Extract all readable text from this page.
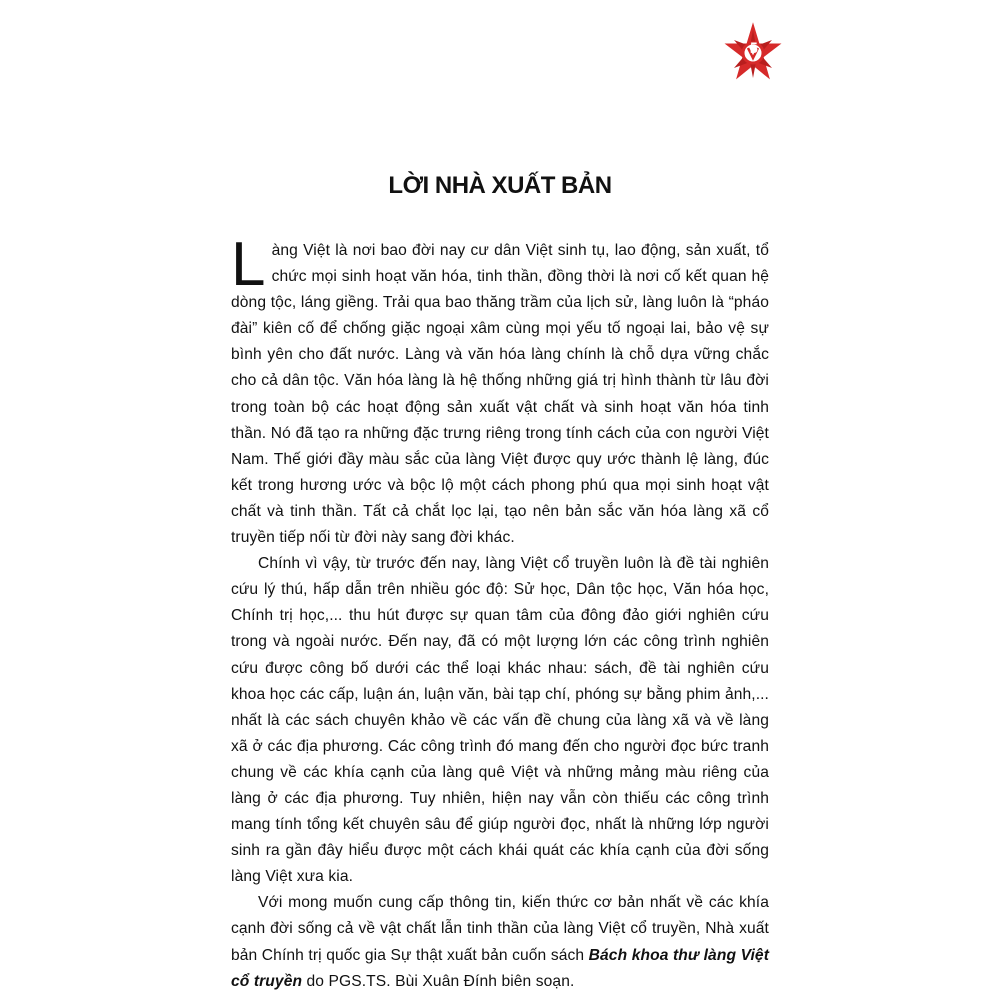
5
LỜI NHÀ XUẤT BẢN

Làng Việt là nơi bao đời nay cư dân Việt sinh tụ, lao động, sản xuất, tổ chức mọi sinh hoạt văn hóa, tinh thần, đồng thời là nơi cố kết quan hệ dòng tộc, láng giềng. Trải qua bao thăng trầm của lịch sử, làng luôn là “pháo đài” kiên cố để chống giặc ngoại xâm cùng mọi yếu tố ngoại lai, bảo vệ sự bình yên cho đất nước. Làng và văn hóa làng chính là chỗ dựa vững chắc cho cả dân tộc. Văn hóa làng là hệ thống những giá trị hình thành từ lâu đời trong toàn bộ các hoạt động sản xuất vật chất và sinh hoạt văn hóa tinh thần. Nó đã tạo ra những đặc trưng riêng trong tính cách của con người Việt Nam. Thế giới đầy màu sắc của làng Việt được quy ước thành lệ làng, đúc kết trong hương ước và bộc lộ một cách phong phú qua mọi sinh hoạt vật chất và tinh thần. Tất cả chắt lọc lại, tạo nên bản sắc văn hóa làng xã cổ truyền tiếp nối từ đời này sang đời khác.

Chính vì vậy, từ trước đến nay, làng Việt cổ truyền luôn là đề tài nghiên cứu lý thú, hấp dẫn trên nhiều góc độ: Sử học, Dân tộc học, Văn hóa học, Chính trị học,... thu hút được sự quan tâm của đông đảo giới nghiên cứu trong và ngoài nước. Đến nay, đã có một lượng lớn các công trình nghiên cứu được công bố dưới các thể loại khác nhau: sách, đề tài nghiên cứu khoa học các cấp, luận án, luận văn, bài tạp chí, phóng sự bằng phim ảnh,... nhất là các sách chuyên khảo về các vấn đề chung của làng xã và về làng xã ở các địa phương. Các công trình đó mang đến cho người đọc bức tranh chung về các khía cạnh của làng quê Việt và những mảng màu riêng của làng ở các địa phương. Tuy nhiên, hiện nay vẫn còn thiếu các công trình mang tính tổng kết chuyên sâu để giúp người đọc, nhất là những lớp người sinh ra gần đây hiểu được một cách khái quát các khía cạnh của đời sống làng Việt xưa kia.

Với mong muốn cung cấp thông tin, kiến thức cơ bản nhất về các khía cạnh đời sống cả về vật chất lẫn tinh thần của làng Việt cổ truyền, Nhà xuất bản Chính trị quốc gia Sự thật xuất bản cuốn sách Bách khoa thư làng Việt cổ truyền do PGS.TS. Bùi Xuân Đính biên soạn.
